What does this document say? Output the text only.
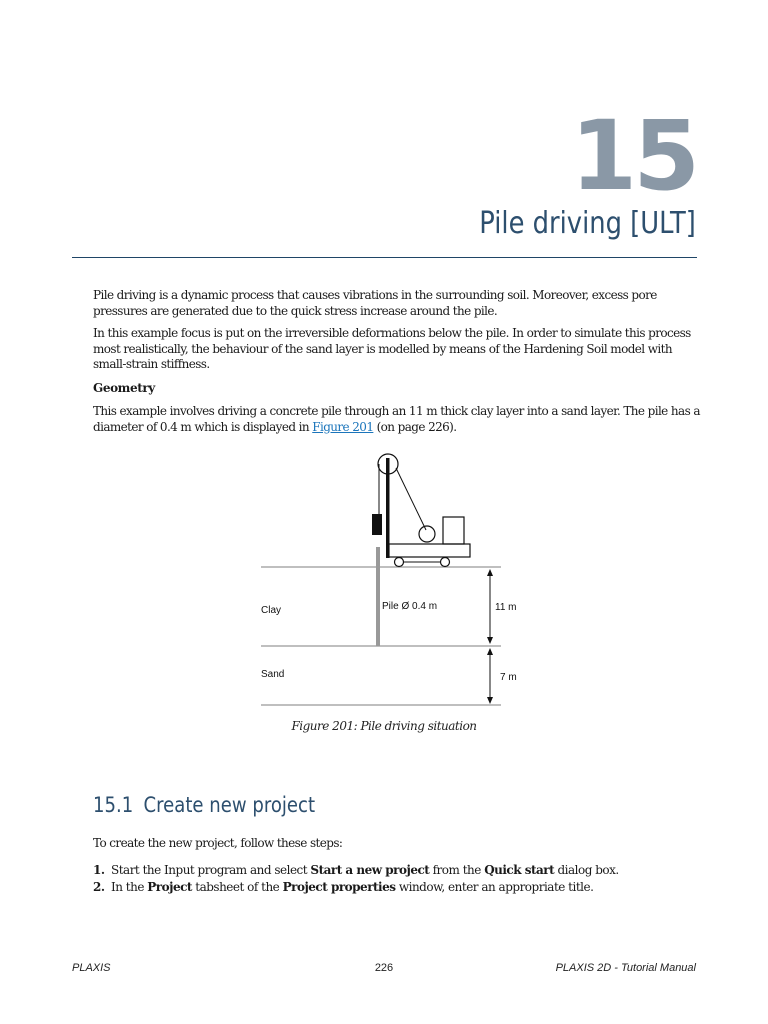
15
Pile driving [ULT]

Pile driving is a dynamic process that causes vibrations in the surrounding soil. Moreover, excess pore pressures are generated due to the quick stress increase around the pile.

In this example focus is put on the irreversible deformations below the pile. In order to simulate this process most realistically, the behaviour of the sand layer is modelled by means of the Hardening Soil model with small-strain stiffness.

Geometry

This example involves driving a concrete pile through an 11 m thick clay layer into a sand layer. The pile has a diameter of 0.4 m which is displayed in Figure 201 (on page 226).

Clay
Sand
Pile Ø 0.4 m	11 m
7 m
Figure 201: Pile driving situation
15.1 Create new project

To create the new project, follow these steps:

1. Start the Input program and select Start a new project from the Quick start dialog box.
2. In the Project tabsheet of the Project properties window, enter an appropriate title.
PLAXIS	226	PLAXIS 2D - Tutorial Manual
